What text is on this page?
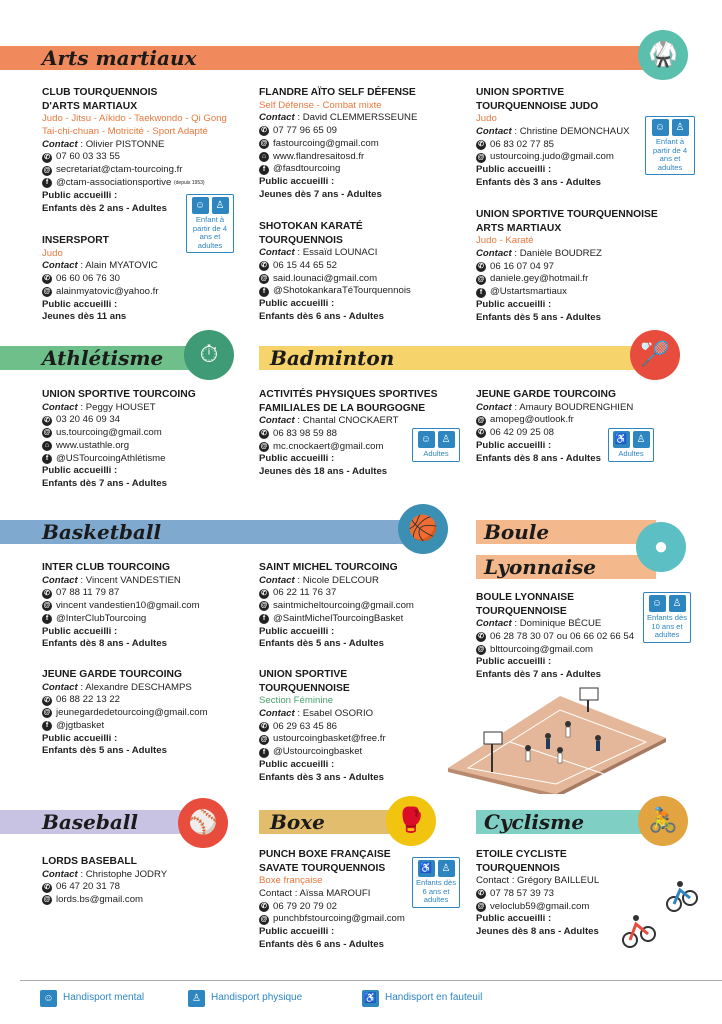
Arts martiaux	🥋
CLUB TOURQUENNOIS
D'ARTS MARTIAUX
Judo - Jitsu - Aïkido - Taekwondo - Qi Gong
Tai-chi-chuan - Motricité - Sport Adapté
Contact : Olivier PISTONNE
✆ 07 60 03 33 55
@ secretariat@ctam-tourcoing.fr
f @ctam-associationsportive
(depuis 1953)
Public accueilli :
Enfants dès 2 ans - Adultes	☺	♙
Enfant à partir de 4 ans et adultes
INSERSPORT
Judo
Contact : Alain MYATOVIC
✆ 06 60 06 76 30
@ alainmyatovic@yahoo.fr
Public accueilli :
Jeunes dès 11 ans
FLANDRE AÏTO SELF DÉFENSE
Self Défense - Combat mixte
Contact : David CLEMMERSSEUNE
✆ 07 77 96 65 09
@ fastourcoing@gmail.com
⌂ www.flandresaitosd.fr
f @fasdtourcoing
Public accueilli :
Jeunes dès 7 ans - Adultes
SHOTOKAN KARATÉ
TOURQUENNOIS
Contact : Essaïd LOUNACI
✆ 06 15 44 65 52
@ said.lounaci@gmail.com
f @ShotokankaraTéTourquennois
Public accueilli :
Enfants dès 6 ans - Adultes
UNION SPORTIVE
TOURQUENNOISE JUDO
Judo
Contact : Christine DEMONCHAUX
✆ 06 83 02 77 85
@ ustourcoing.judo@gmail.com
Public accueilli :
Enfants dès 3 ans - Adultes
☺	♙
Enfant à partir de 4 ans et adultes
UNION SPORTIVE TOURQUENNOISE
ARTS MARTIAUX
Judo - Karaté
Contact : Danièle BOUDREZ
✆ 06 16 07 04 97
@ daniele.gey@hotmail.fr
f @Ustartsmartiaux
Public accueilli :
Enfants dès 5 ans - Adultes
Athlétisme	⏱	Badminton	🏸
UNION SPORTIVE TOURCOING
Contact : Peggy HOUSET
✆ 03 20 46 09 34
@ us.tourcoing@gmail.com
⌂ www.ustathle.org
f @USTourcoingAthlétisme
Public accueilli :
Enfants dès 7 ans - Adultes
ACTIVITÉS PHYSIQUES SPORTIVES
FAMILIALES DE LA BOURGOGNE
Contact : Chantal CNOCKAERT
✆ 06 83 98 59 88
@ mc.cnockaert@gmail.com
Public accueilli :
Jeunes dès 18 ans - Adultes
☺	♙
Adultes
JEUNE GARDE TOURCOING
Contact : Amaury BOUDRENGHIEN
@ amopeg@outlook.fr
✆ 06 42 09 25 08
Public accueilli :
Enfants dès 8 ans - Adultes
♿ ♙
Adultes
Basketball	🏀	Boule
Lyonnaise
●
INTER CLUB TOURCOING
Contact : Vincent VANDESTIEN
✆ 07 88 11 79 87
@ vincent vandestien10@gmail.com
f @InterClubTourcoing
Public accueilli :
Enfants dès 8 ans - Adultes
JEUNE GARDE TOURCOING
Contact : Alexandre DESCHAMPS
✆ 06 88 22 13 22
@ jeunegardedetourcoing@gmail.com
f @jgtbasket
Public accueilli :
Enfants dès 5 ans - Adultes
SAINT MICHEL TOURCOING
Contact : Nicole DELCOUR
✆ 06 22 11 76 37
@ saintmicheltourcoing@gmail.com
f @SaintMichelTourcoingBasket
Public accueilli :
Enfants dès 5 ans - Adultes
UNION SPORTIVE
TOURQUENNOISE
Section Féminine
Contact : Esabel OSORIO
✆ 06 29 63 45 86
@ ustourcoingbasket@free.fr
f @Ustourcoingbasket
Public accueilli :
Enfants dès 3 ans - Adultes
BOULE LYONNAISE
TOURQUENNOISE
Contact : Dominique BÉCUE
✆ 06 28 78 30 07 ou 06 66 02 66 54
@ blttourcoing@gmail.com
Public accueilli :
Enfants dès 7 ans - Adultes
☺	♙
Enfants dès 10 ans et adultes
Baseball	⚾	Boxe	🥊	Cyclisme	🚴
LORDS BASEBALL
Contact : Christophe JODRY
✆ 06 47 20 31 78
@ lords.bs@gmail.com
PUNCH BOXE FRANÇAISE
SAVATE TOURQUENNOIS
Boxe française
Contact : Aïssa MAROUFI
✆ 06 79 20 79 02
@ punchbfstourcoing@gmail.com
Public accueilli :
Enfants dès 6 ans - Adultes
♿ ♙
Enfants dès 6 ans et adultes
ETOILE CYCLISTE
TOURQUENNOIS
Contact : Grégory BAILLEUL
✆ 07 78 57 39 73
@ veloclub59@gmail.com
Public accueilli :
Jeunes dès 8 ans - Adultes
☺ Handisport mental	♙	Handisport physique	♿ Handisport en fauteuil
